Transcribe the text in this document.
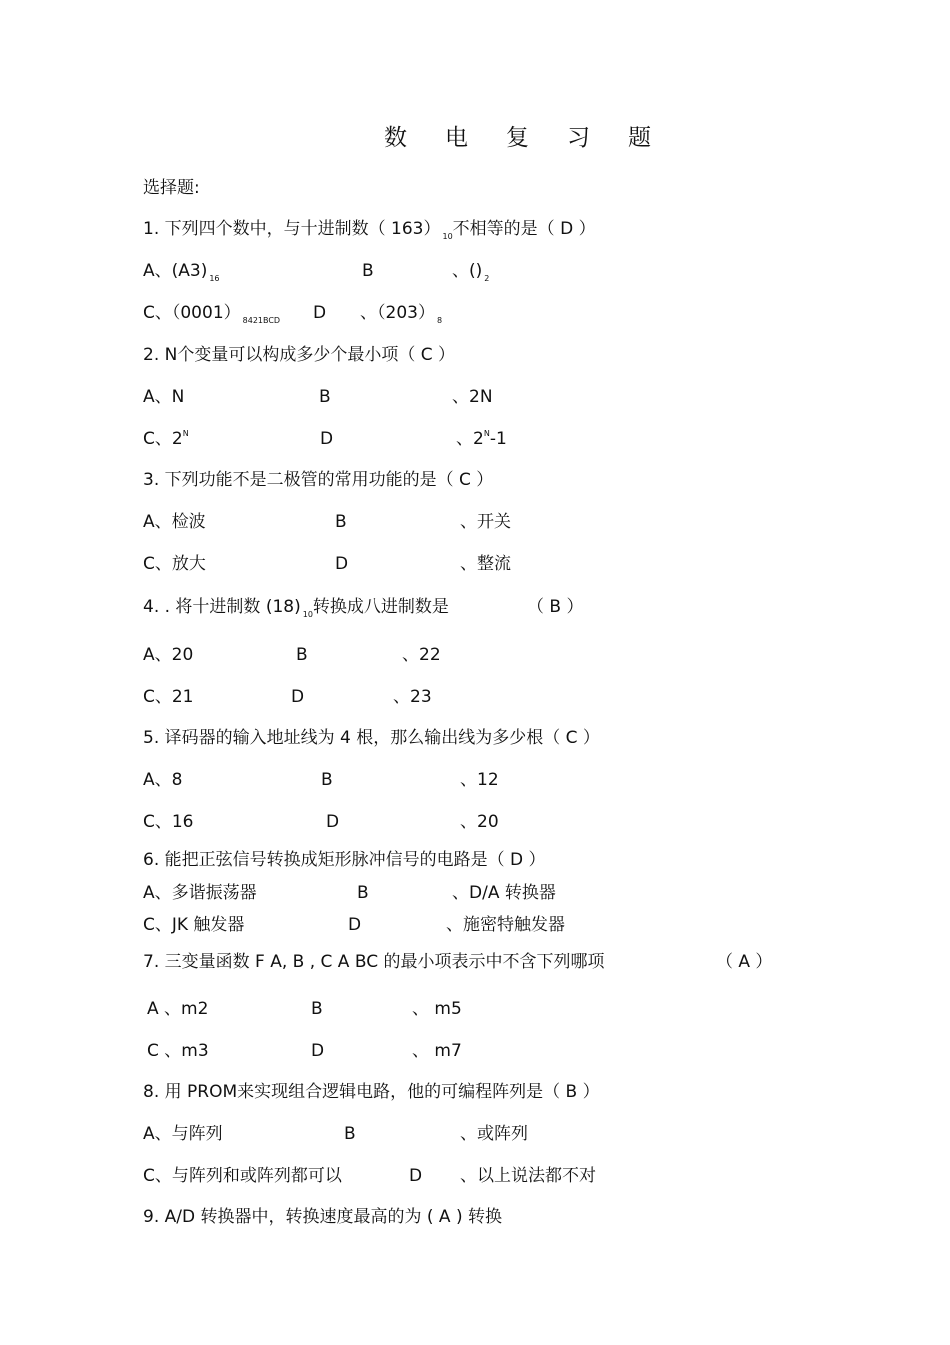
数电复习题
选择题:
1. 下列四个数中，与十进制数（ 163） $_{10}$不相等的是（ D ）
A、(A3) $_{16}$	B	、() $_2$
C、（0001） $_{8421BCD}$ D 、（203） $_8$
2. N个变量可以构成多少个最小项（ C ）
A、N	B	、2N
C、$2^N$	D	、$2^N-1$
3. 下列功能不是二极管的常用功能的是（ C ）
A、检波	B	、开关
C、放大	D	、整流
4. . 将十进制数 (18) $_{10}$转换成八进制数是	（ B ）
A、20	B	、22
C、21	D	、23
5. 译码器的输入地址线为 4 根，那么输出线为多少根（ C ）
A、8	B	、12
C、16	D	、20
6. 能把正弦信号转换成矩形脉冲信号的电路是（ D ）
A、多谐振荡器	B	、D/A 转换器
C、JK 触发器	D	、施密特触发器
7. 三变量函数 F A, B , C A BC 的最小项表示中不含下列哪项	（ A ）
A 、m2	B	、 m5
C 、m3	D	、 m7
8. 用 PROM来实现组合逻辑电路，他的可编程阵列是（ B ）
A、与阵列	B	、或阵列
C、与阵列和或阵列都可以	D 、以上说法都不对
9. A/D 转换器中，转换速度最高的为 ( A ) 转换
